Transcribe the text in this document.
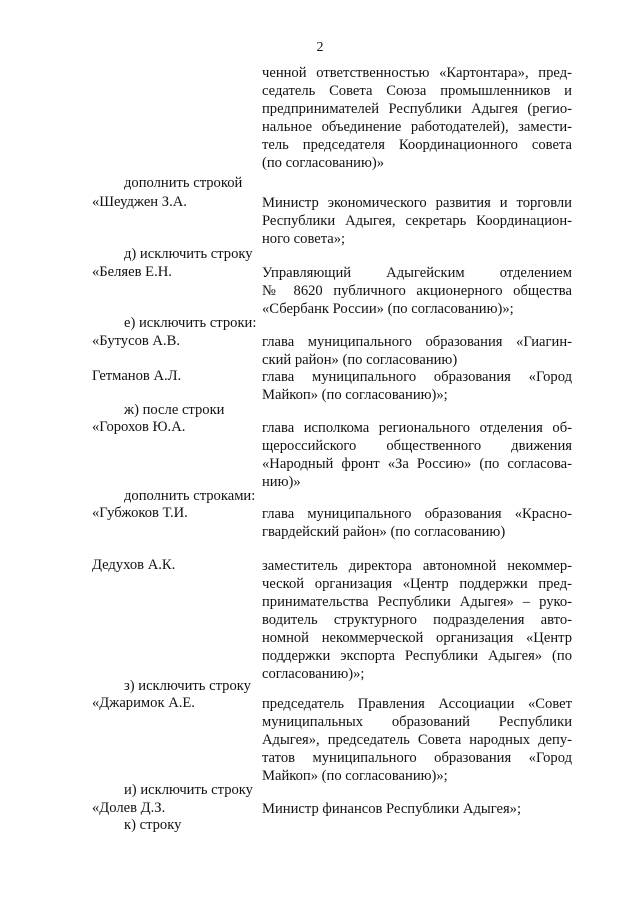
2
ченной ответственностью «Картонтара», пред-
седатель Совета Союза промышленников и
предпринимателей Республики Адыгея (регио-
нальное объединение работодателей), замести-
тель председателя Координационного совета
(по согласованию)»
дополнить строкой
«Шеуджен З.А.	Министр экономического развития и торговли
Республики Адыгея, секретарь Координацион-
ного совета»;
д) исключить строку
«Беляев Е.Н.	Управляющий Адыгейским отделением
№ 8620 публичного акционерного общества
«Сбербанк России» (по согласованию)»;
е) исключить строки:
«Бутусов А.В.	глава муниципального образования «Гиагин-
ский район» (по согласованию)
Гетманов А.Л.	глава муниципального образования «Город
Майкоп» (по согласованию)»;
ж) после строки
«Горохов Ю.А.	глава исполкома регионального отделения об-
щероссийского общественного движения
«Народный фронт «За Россию» (по согласова-
нию)»
дополнить строками:
«Губжоков Т.И.	глава муниципального образования «Красно-
гвардейский район» (по согласованию)
Дедухов А.К.	заместитель директора автономной некоммер-
ческой организация «Центр поддержки пред-
принимательства Республики Адыгея» – руко-
водитель структурного подразделения авто-
номной некоммерческой организация «Центр
поддержки экспорта Республики Адыгея» (по
согласованию)»;
з) исключить строку
«Джаримок А.Е.	председатель Правления Ассоциации «Совет
муниципальных образований Республики
Адыгея», председатель Совета народных депу-
татов муниципального образования «Город
Майкоп» (по согласованию)»;
и) исключить строку
«Долев Д.З.	Министр финансов Республики Адыгея»;
к) строку
